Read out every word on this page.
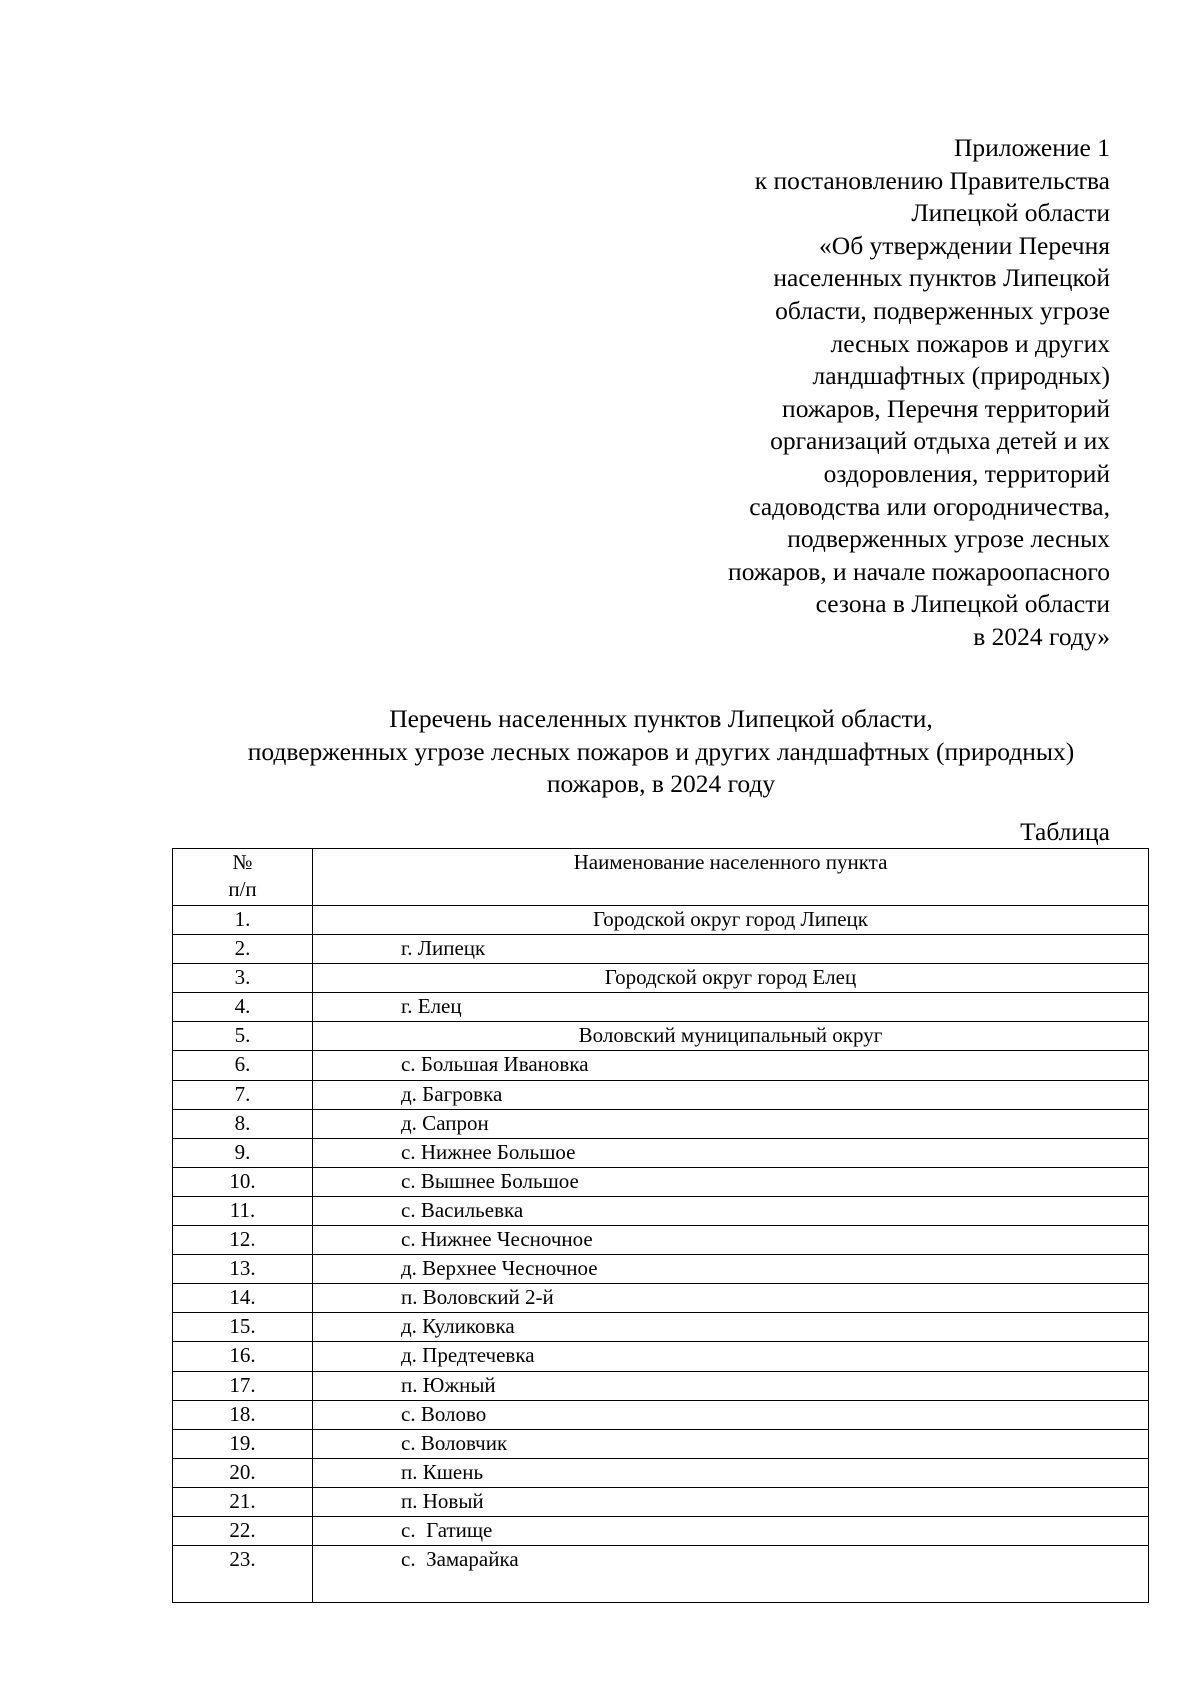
Приложение 1
к постановлению Правительства
Липецкой области
«Об утверждении Перечня
населенных пунктов Липецкой
области, подверженных угрозе
лесных пожаров и других
ландшафтных (природных)
пожаров, Перечня территорий
организаций отдыха детей и их
оздоровления, территорий
садоводства или огородничества,
подверженных угрозе лесных
пожаров, и начале пожароопасного
сезона в Липецкой области
в 2024 году»
Перечень населенных пунктов Липецкой области,
подверженных угрозе лесных пожаров и других ландшафтных (природных)
пожаров, в 2024 году
Таблица
№
п/п	Наименование населенного пункта
1.	Городской округ город Липецк
2.	г. Липецк
3.	Городской округ город Елец
4.	г. Елец
5.	Воловский муниципальный округ
6.	с. Большая Ивановка
7.	д. Багровка
8.	д. Сапрон
9.	с. Нижнее Большое
10.	с. Вышнее Большое
11.	с. Васильевка
12.	с. Нижнее Чесночное
13.	д. Верхнее Чесночное
14.	п. Воловский 2-й
15.	д. Куликовка
16.	д. Предтечевка
17.	п. Южный
18.	с. Волово
19.	с. Воловчик
20.	п. Кшень
21.	п. Новый
22.	с.  Гатище
23.	с.  Замарайка
